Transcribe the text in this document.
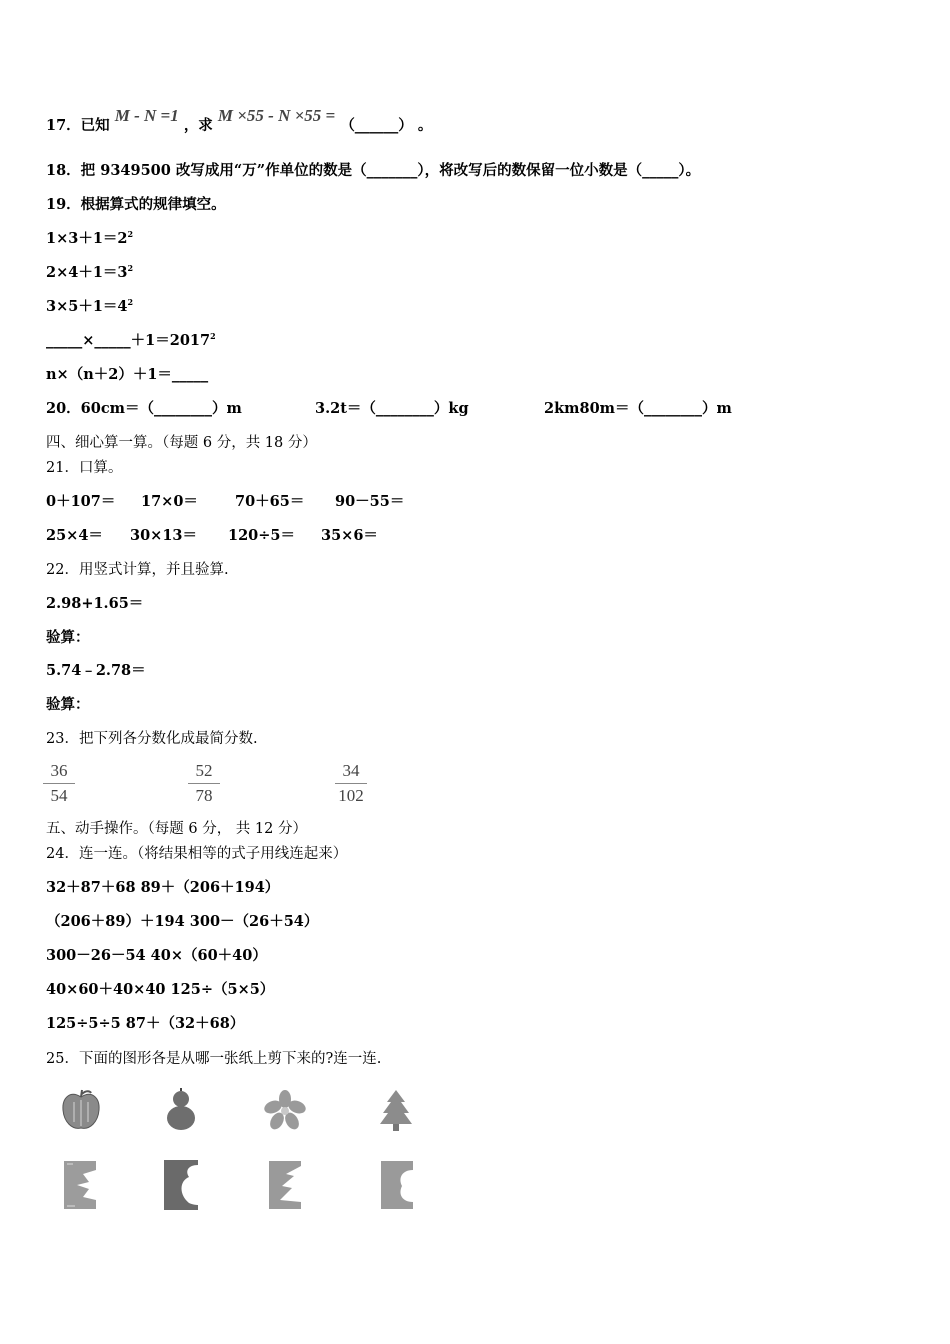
17．已知 M - N =1 ，求 M ×55 - N ×55 = （______） 。
18．把 9349500 改写成用“万”作单位的数是（_______），将改写后的数保留一位小数是（_____）。
19．根据算式的规律填空。
$1\times 3+1=2^2$
$2\times 4+1=3^2$
$3\times 5+1=4^2$
$\_\_\_\_\_\times\_\_\_\_\_+1=2017^2$
n×（n＋2）＋1＝_____
20．60cm＝（________）m	3.2t＝（________）kg	2km80m＝（________）m
四、细心算一算。（每题 6 分，共 18 分）
21．口算。
0＋107＝ 17×0＝	70＋65＝ 90－55＝
25×4＝ 30×13＝ 120÷5＝ 35×6＝
22．用竖式计算，并且验算.
2.98+1.65＝
验算：
5.74﹣2.78＝
验算：
23．把下列各分数化成最简分数.
36
54
52
78
34
102
五、动手操作。（每题 6 分， 共 12 分）
24．连一连。（将结果相等的式子用线连起来）
32＋87＋68 89＋（206＋194）
（206＋89）＋194 300－（26＋54）
300－26－54 40×（60＋40）
40×60＋40×40 125÷（5×5）
125÷5÷5 87＋（32＋68）
25．下面的图形各是从哪一张纸上剪下来的?连一连.
